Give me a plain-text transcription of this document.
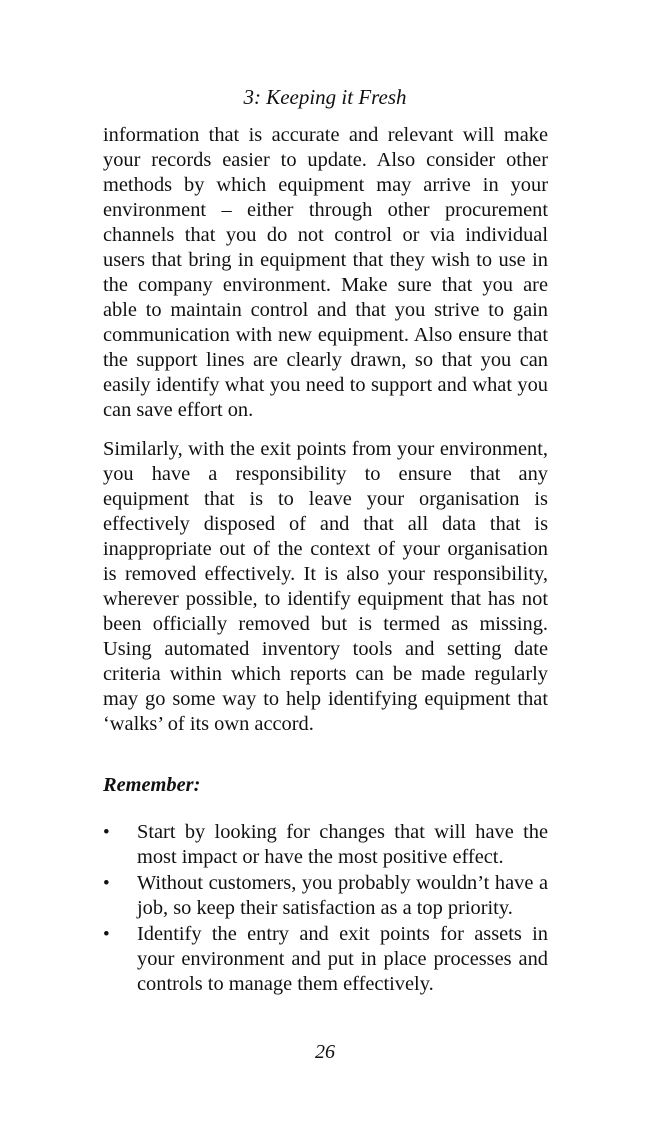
3: Keeping it Fresh

information that is accurate and relevant will make your records easier to update. Also consider other methods by which equipment may arrive in your environment – either through other procurement channels that you do not control or via individual users that bring in equipment that they wish to use in the company environment. Make sure that you are able to maintain control and that you strive to gain communication with new equipment. Also ensure that the support lines are clearly drawn, so that you can easily identify what you need to support and what you can save effort on.

Similarly, with the exit points from your environment, you have a responsibility to ensure that any equipment that is to leave your organisation is effectively disposed of and that all data that is inappropriate out of the context of your organisation is removed effectively. It is also your responsibility, wherever possible, to identify equipment that has not been officially removed but is termed as missing. Using automated inventory tools and setting date criteria within which reports can be made regularly may go some way to help identifying equipment that ‘walks’ of its own accord.

Remember:

•	Start by looking for changes that will have the most impact or have the most positive effect.
•	Without customers, you probably wouldn’t have a job, so keep their satisfaction as a top priority.
•	Identify the entry and exit points for assets in your environment and put in place processes and controls to manage them effectively.
26
